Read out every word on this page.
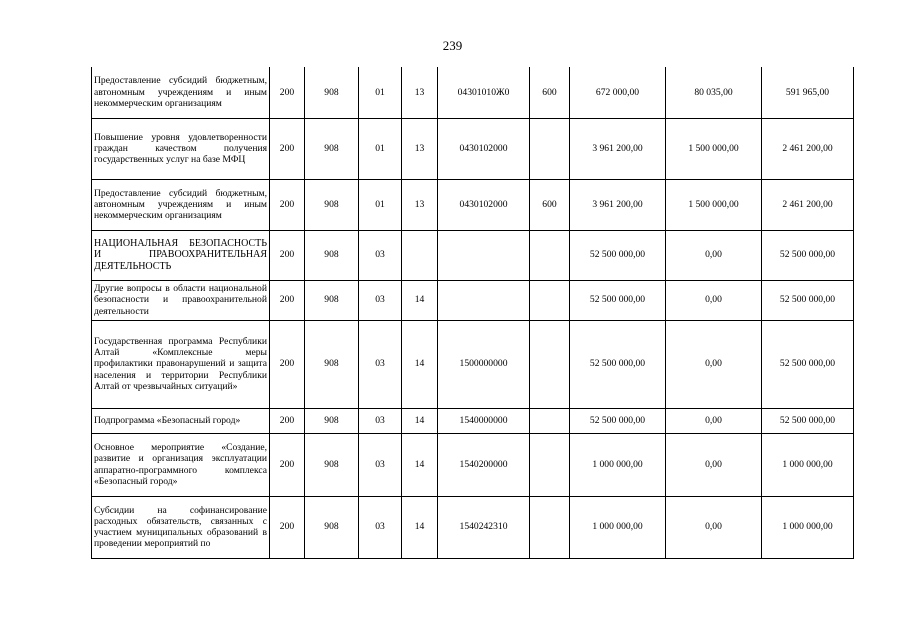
239
Предоставление субсидий бюджетным, автономным учреждениям и иным некоммерческим организациям	200	908	01	13	04301010Ж0	600	672 000,00	80 035,00	591 965,00
Повышение уровня удовлетворенности граждан качеством получения государственных услуг на базе МФЦ	200	908	01	13	0430102000		3 961 200,00	1 500 000,00	2 461 200,00
Предоставление субсидий бюджетным, автономным учреждениям и иным некоммерческим организациям	200	908	01	13	0430102000	600	3 961 200,00	1 500 000,00	2 461 200,00
НАЦИОНАЛЬНАЯ БЕЗОПАСНОСТЬ И ПРАВООХРАНИТЕЛЬНАЯ ДЕЯТЕЛЬНОСТЬ	200	908	03				52 500 000,00	0,00	52 500 000,00
Другие вопросы в области национальной безопасности и правоохранительной деятельности	200	908	03	14			52 500 000,00	0,00	52 500 000,00
Государственная программа Республики Алтай «Комплексные меры профилактики правонарушений и защита населения и территории Республики Алтай от чрезвычайных ситуаций»	200	908	03	14	1500000000		52 500 000,00	0,00	52 500 000,00
Подпрограмма «Безопасный город»	200	908	03	14	1540000000		52 500 000,00	0,00	52 500 000,00
Основное мероприятие «Создание, развитие и организация эксплуатации аппаратно-программного комплекса «Безопасный город»	200	908	03	14	1540200000		1 000 000,00	0,00	1 000 000,00
Субсидии на софинансирование расходных обязательств, связанных с участием муниципальных образований в проведении мероприятий по	200	908	03	14	1540242310		1 000 000,00	0,00	1 000 000,00
